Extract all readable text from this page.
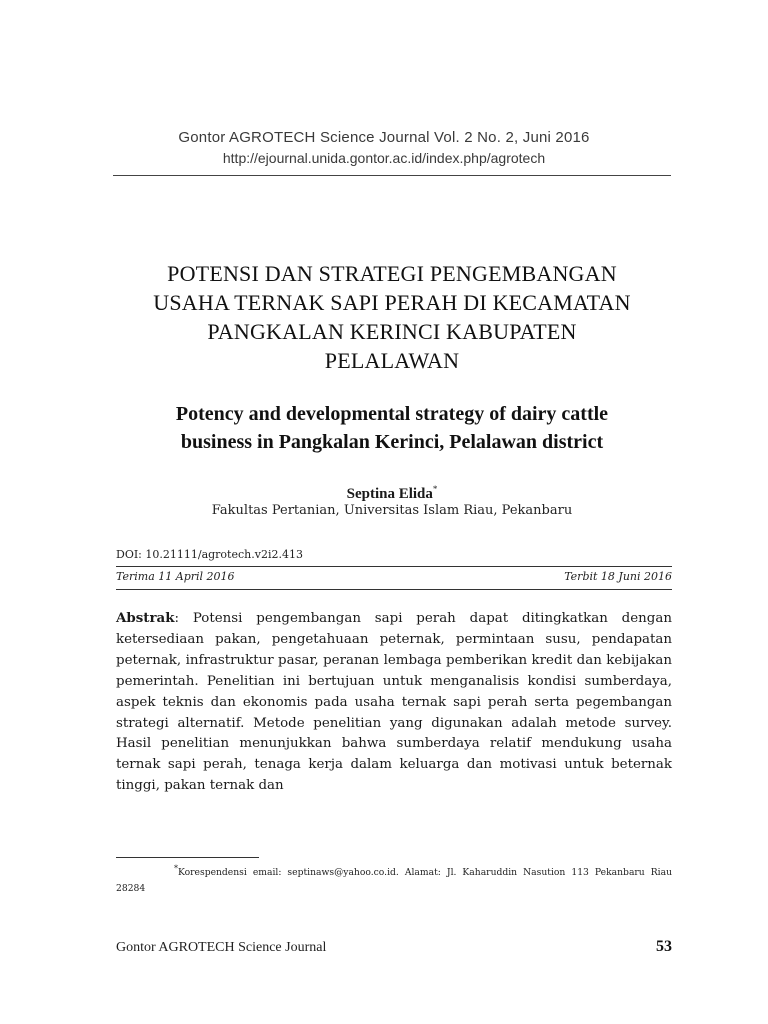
Gontor AGROTECH Science Journal Vol. 2 No. 2, Juni 2016
http://ejournal.unida.gontor.ac.id/index.php/agrotech
POTENSI DAN STRATEGI PENGEMBANGAN
USAHA TERNAK SAPI PERAH DI KECAMATAN
PANGKALAN KERINCI KABUPATEN
PELALAWAN
Potency and developmental strategy of dairy cattle
business in Pangkalan Kerinci, Pelalawan district
Septina Elida*
Fakultas Pertanian, Universitas Islam Riau, Pekanbaru
DOI: 10.21111/agrotech.v2i2.413
Terima 11 April 2016	Terbit 18 Juni 2016
Abstrak: Potensi pengembangan sapi perah dapat ditingkatkan dengan ketersediaan pakan, pengetahuaan peternak, permintaan susu, pendapatan peternak, infrastruktur pasar, peranan lembaga pemberikan kredit dan kebijakan pemerintah. Penelitian ini bertujuan untuk menganalisis kondisi sumberdaya, aspek teknis dan ekonomis pada usaha ternak sapi perah serta pegembangan strategi alternatif. Metode penelitian yang digunakan adalah metode survey. Hasil penelitian menunjukkan bahwa sumberdaya relatif mendukung usaha ternak sapi perah, tenaga kerja dalam keluarga dan motivasi untuk beternak tinggi, pakan ternak dan
*Korespendensi email: septinaws@yahoo.co.id. Alamat: Jl. Kaharuddin Nasution 113 Pekanbaru Riau 28284
Gontor AGROTECH Science Journal	53
